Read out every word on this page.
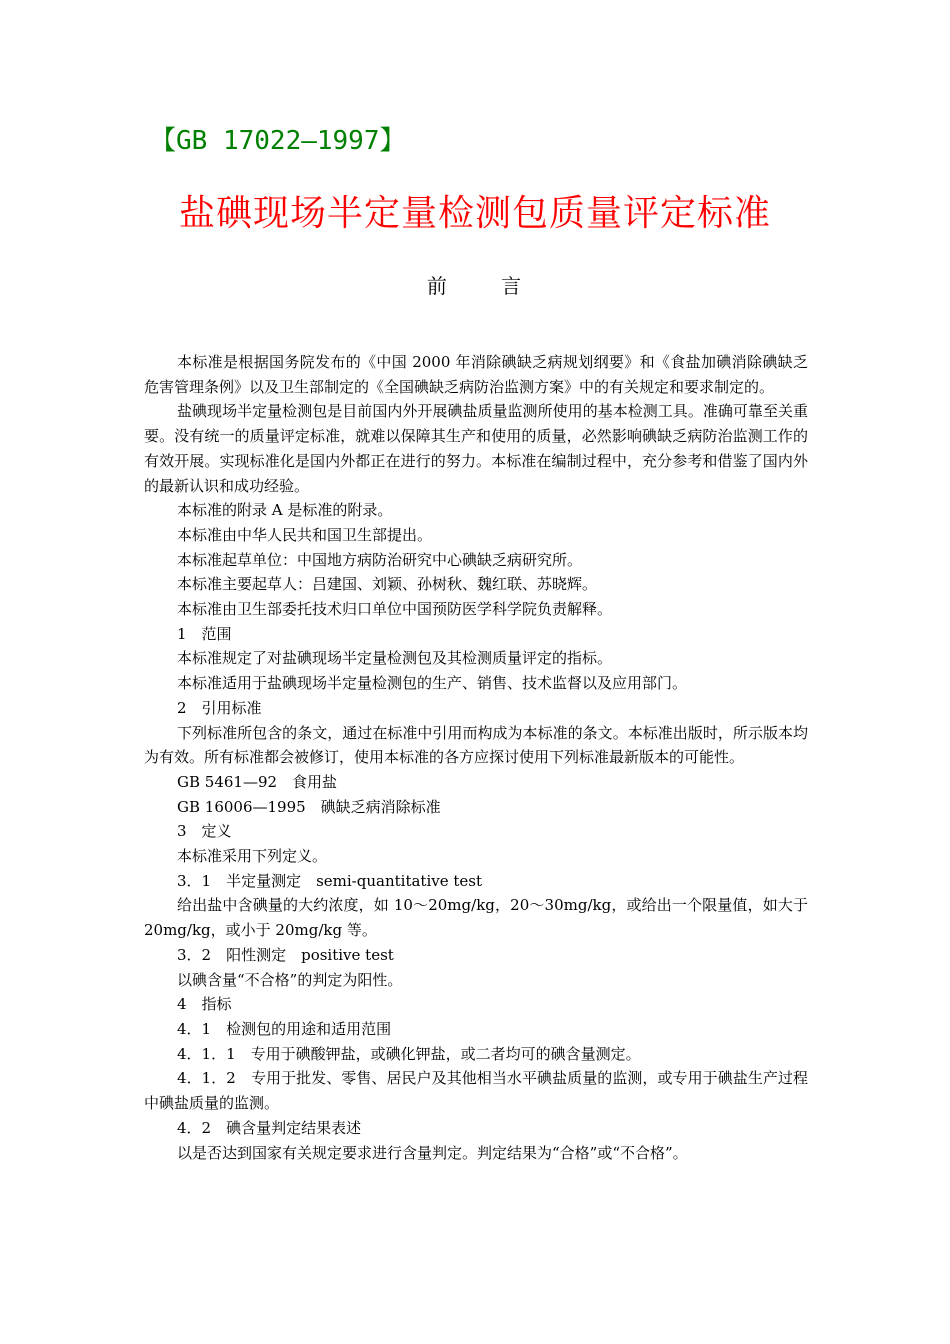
【GB 17022—1997】
盐碘现场半定量检测包质量评定标准
前 言

本标准是根据国务院发布的《中国 2000 年消除碘缺乏病规划纲要》和《食盐加碘消除碘缺乏危害管理条例》以及卫生部制定的《全国碘缺乏病防治监测方案》中的有关规定和要求制定的。

盐碘现场半定量检测包是目前国内外开展碘盐质量监测所使用的基本检测工具。准确可靠至关重要。没有统一的质量评定标准，就难以保障其生产和使用的质量，必然影响碘缺乏病防治监测工作的有效开展。实现标准化是国内外都正在进行的努力。本标准在编制过程中，充分参考和借鉴了国内外的最新认识和成功经验。

本标准的附录 A 是标准的附录。

本标准由中华人民共和国卫生部提出。

本标准起草单位：中国地方病防治研究中心碘缺乏病研究所。

本标准主要起草人：吕建国、刘颖、孙树秋、魏红联、苏晓辉。

本标准由卫生部委托技术归口单位中国预防医学科学院负责解释。

1　范围

本标准规定了对盐碘现场半定量检测包及其检测质量评定的指标。

本标准适用于盐碘现场半定量检测包的生产、销售、技术监督以及应用部门。

2　引用标准

下列标准所包含的条文，通过在标准中引用而构成为本标准的条文。本标准出版时，所示版本均为有效。所有标准都会被修订，使用本标准的各方应探讨使用下列标准最新版本的可能性。

GB 5461—92　食用盐

GB 16006—1995　碘缺乏病消除标准

3　定义

本标准采用下列定义。

3．1　半定量测定　semi-quantitative test

给出盐中含碘量的大约浓度，如 10～20mg/kg，20～30mg/kg，或给出一个限量值，如大于 20mg/kg，或小于 20mg/kg 等。

3．2　阳性测定　positive test

以碘含量“不合格”的判定为阳性。

4　指标

4．1　检测包的用途和适用范围

4．1．1　专用于碘酸钾盐，或碘化钾盐，或二者均可的碘含量测定。

4．1．2　专用于批发、零售、居民户及其他相当水平碘盐质量的监测，或专用于碘盐生产过程中碘盐质量的监测。

4．2　碘含量判定结果表述

以是否达到国家有关规定要求进行含量判定。判定结果为“合格”或“不合格”。
